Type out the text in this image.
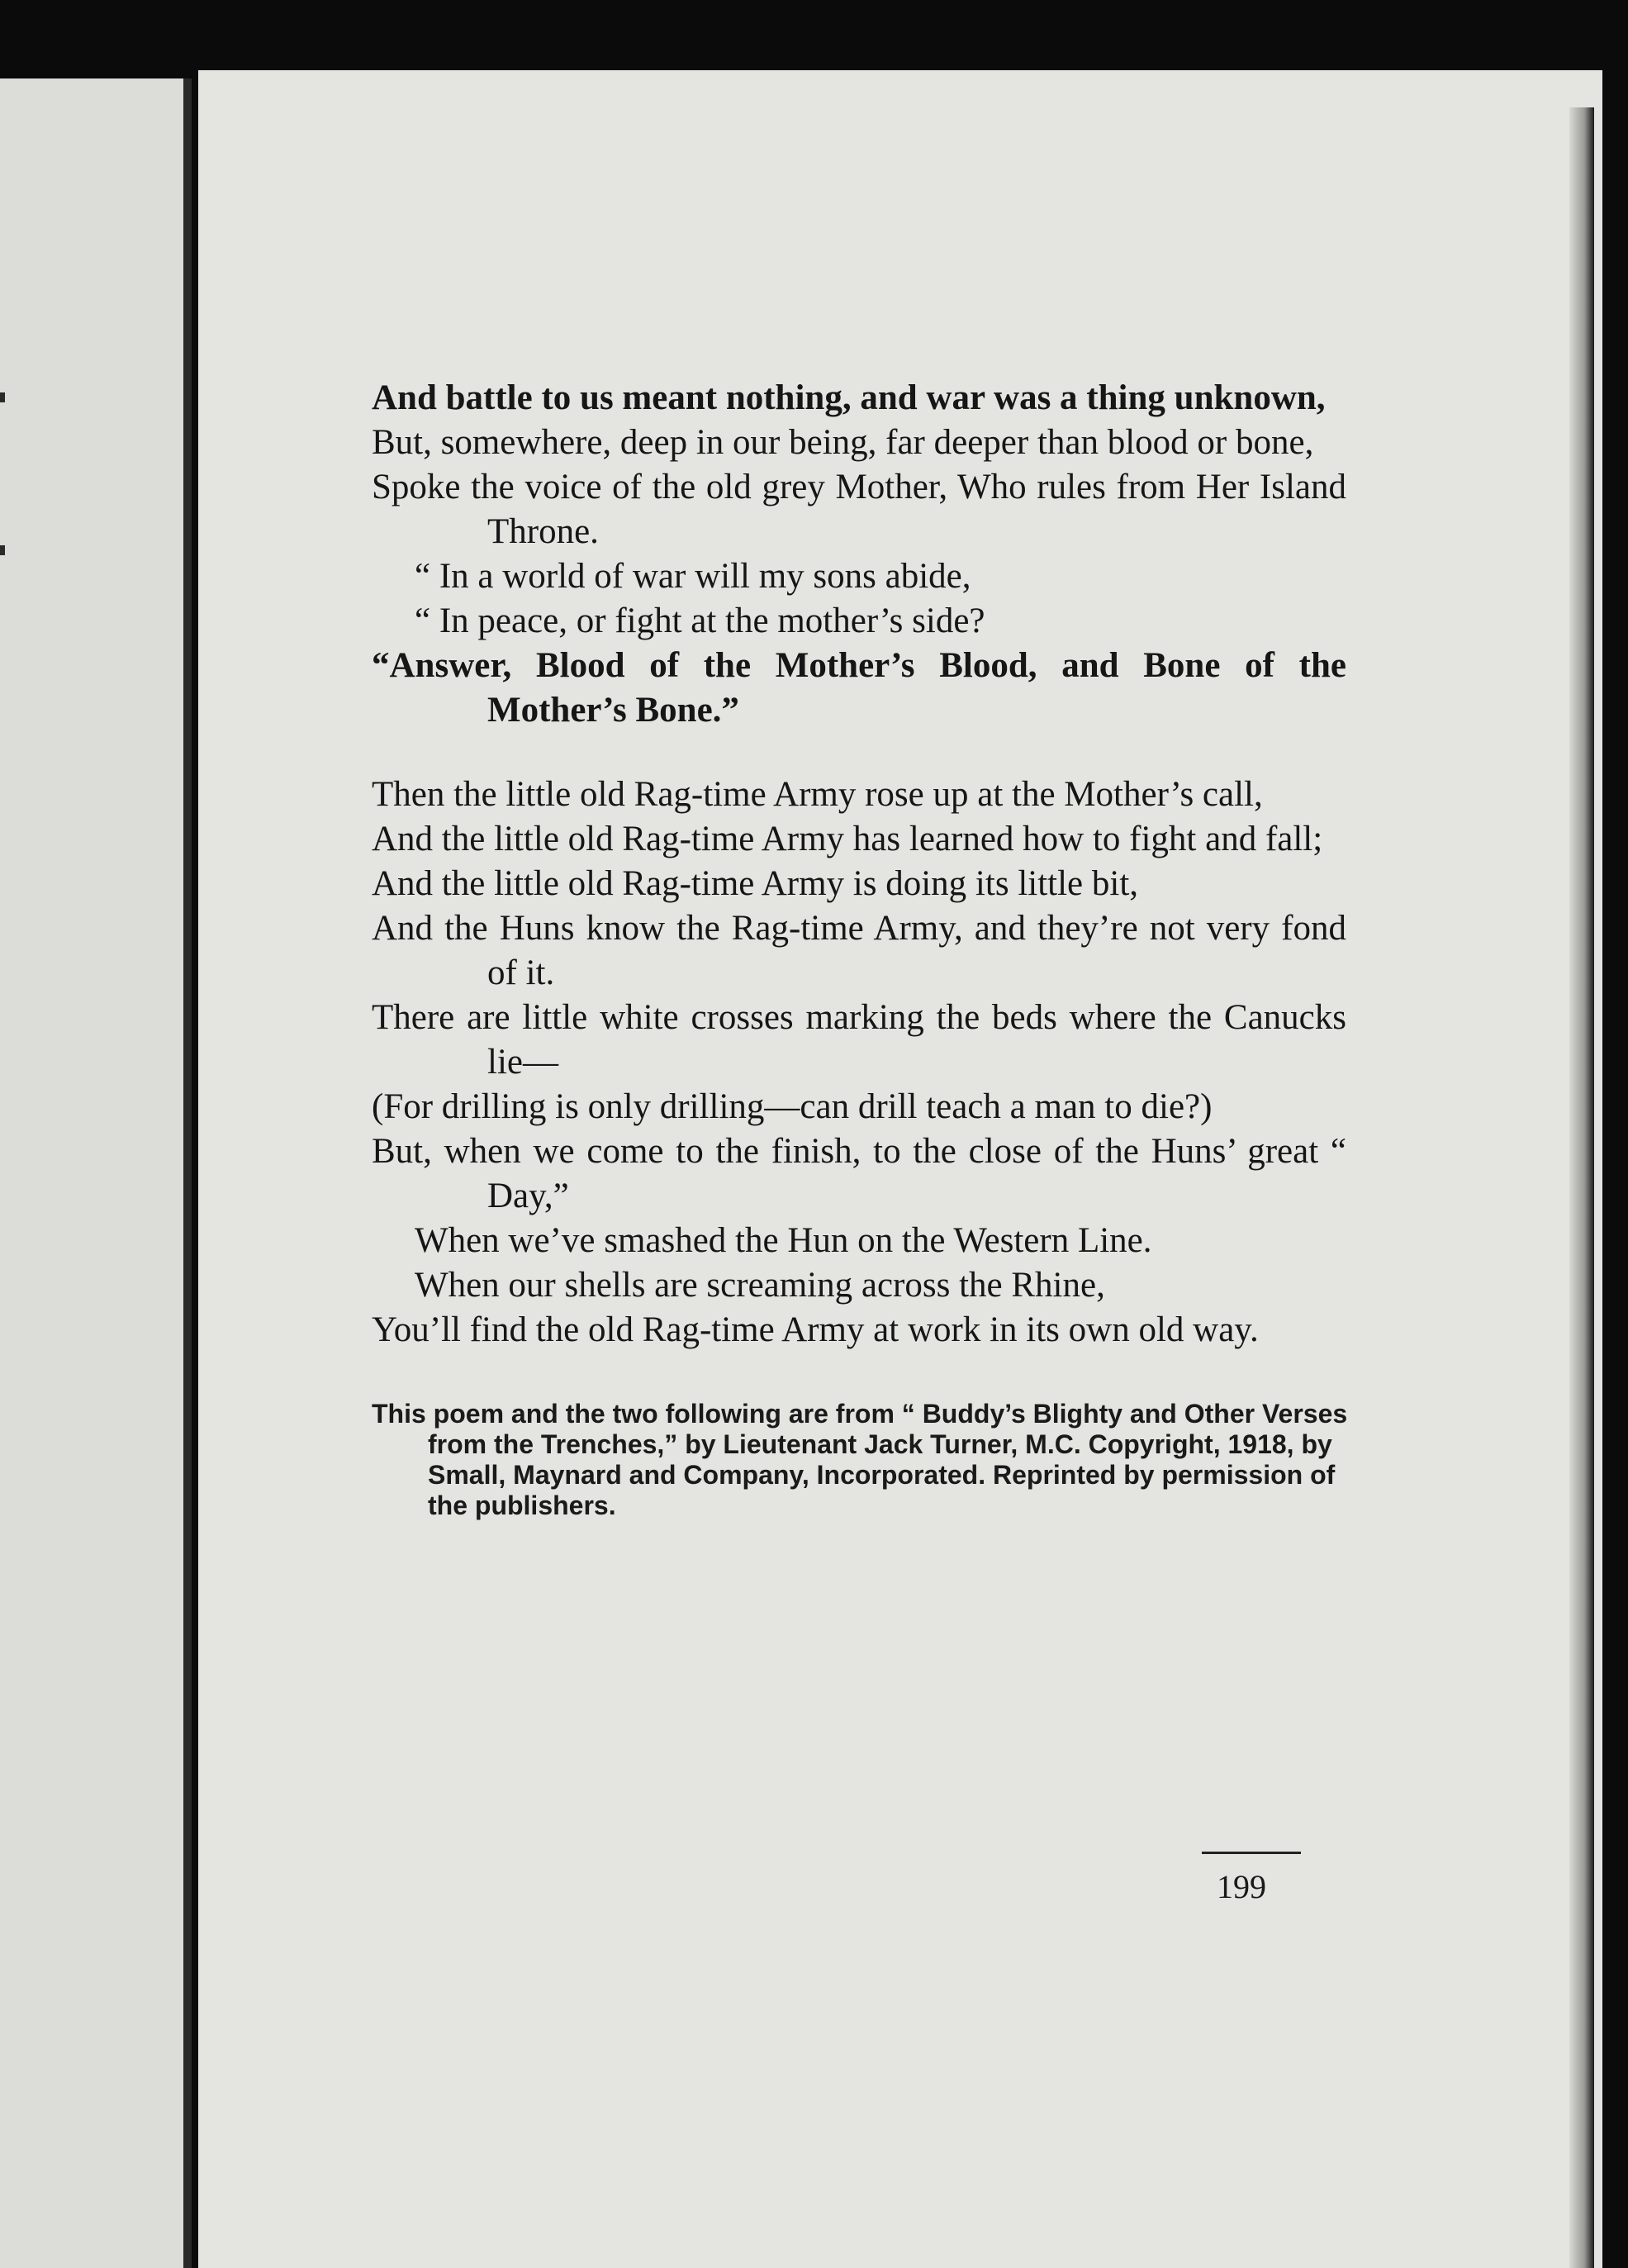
And battle to us meant nothing, and war was a thing unknown,
But, somewhere, deep in our being, far deeper than blood or bone,
Spoke the voice of the old grey Mother, Who rules from Her Island Throne.
“ In a world of war will my sons abide,
“ In peace, or fight at the mother’s side?
“Answer, Blood of the Mother’s Blood, and Bone of the Mother’s Bone.”
Then the little old Rag-time Army rose up at the Mother’s call,
And the little old Rag-time Army has learned how to fight and fall;
And the little old Rag-time Army is doing its little bit,
And the Huns know the Rag-time Army, and they’re not very fond of it.
There are little white crosses marking the beds where the Canucks lie—
(For drilling is only drilling—can drill teach a man to die?)
But, when we come to the finish, to the close of the Huns’ great “ Day,”
When we’ve smashed the Hun on the Western Line.
When our shells are screaming across the Rhine,
You’ll find the old Rag-time Army at work in its own old way.
This poem and the two following are from “ Buddy’s Blighty and Other Verses from the Trenches,” by Lieutenant Jack Turner, M.C. Copyright, 1918, by Small, Maynard and Company, Incorporated. Reprinted by permission of the publishers.
199
